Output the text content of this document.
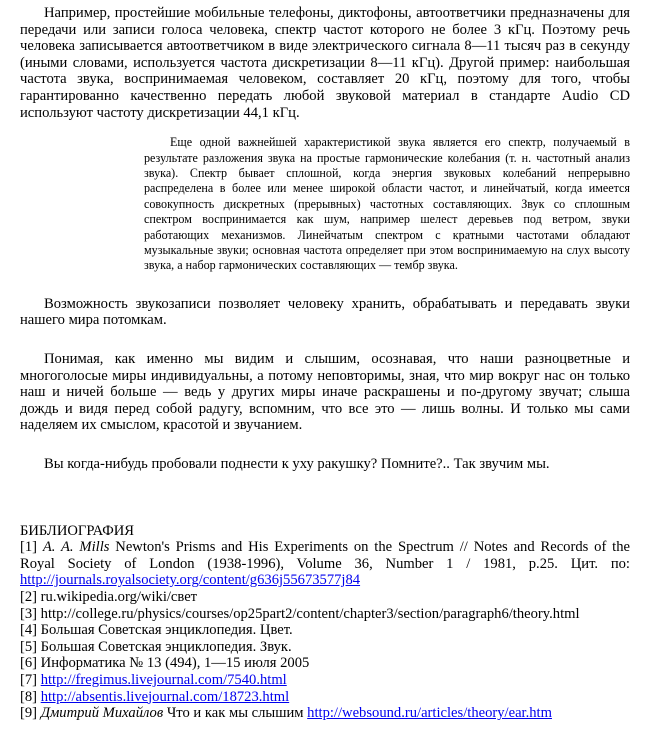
Например, простейшие мобильные телефоны, диктофоны, автоответчики предназначены для передачи или записи голоса человека, спектр частот которого не более 3 кГц. Поэтому речь человека записывается автоответчиком в виде электрического сигнала 8—11 тысяч раз в секунду (иными словами, используется частота дискретизации 8—11 кГц). Другой пример: наибольшая частота звука, воспринимаемая человеком, составляет 20 кГц, поэтому для того, чтобы гарантированно качественно передать любой звуковой материал в стандарте Audio CD используют частоту дискретизации 44,1 кГц.

Еще одной важнейшей характеристикой звука является его спектр, получаемый в результате разложения звука на простые гармонические колебания (т. н. частотный анализ звука). Спектр бывает сплошной, когда энергия звуковых колебаний непрерывно распределена в более или менее широкой области частот, и линейчатый, когда имеется совокупность дискретных (прерывных) частотных составляющих. Звук со сплошным спектром воспринимается как шум, например шелест деревьев под ветром, звуки работающих механизмов. Линейчатым спектром с кратными частотами обладают музыкальные звуки; основная частота определяет при этом воспринимаемую на слух высоту звука, а набор гармонических составляющих — тембр звука.

Возможность звукозаписи позволяет человеку хранить, обрабатывать и передавать звуки нашего мира потомкам.

Понимая, как именно мы видим и слышим, осознавая, что наши разноцветные и многоголосые миры индивидуальны, а потому неповторимы, зная, что мир вокруг нас он только наш и ничей больше — ведь у других миры иначе раскрашены и по-другому звучат; слыша дождь и видя перед собой радугу, вспомним, что все это — лишь волны. И только мы сами наделяем их смыслом, красотой и звучанием.

Вы когда-нибудь пробовали поднести к уху ракушку? Помните?.. Так звучим мы.

БИБЛИОГРАФИЯ
[1] A. A. Mills Newton's Prisms and His Experiments on the Spectrum // Notes and Records of the Royal Society of London (1938-1996), Volume 36, Number 1 / 1981, p.25. Цит. по: http://journals.royalsociety.org/content/g636j55673577j84
[2] ru.wikipedia.org/wiki/свет
[3] http://college.ru/physics/courses/op25part2/content/chapter3/section/paragraph6/theory.html
[4] Большая Советская энциклопедия. Цвет.
[5] Большая Советская энциклопедия. Звук.
[6] Информатика № 13 (494), 1—15 июля 2005
[7] http://fregimus.livejournal.com/7540.html
[8] http://absentis.livejournal.com/18723.html
[9] Дмитрий Михайлов Что и как мы слышим http://websound.ru/articles/theory/ear.htm
